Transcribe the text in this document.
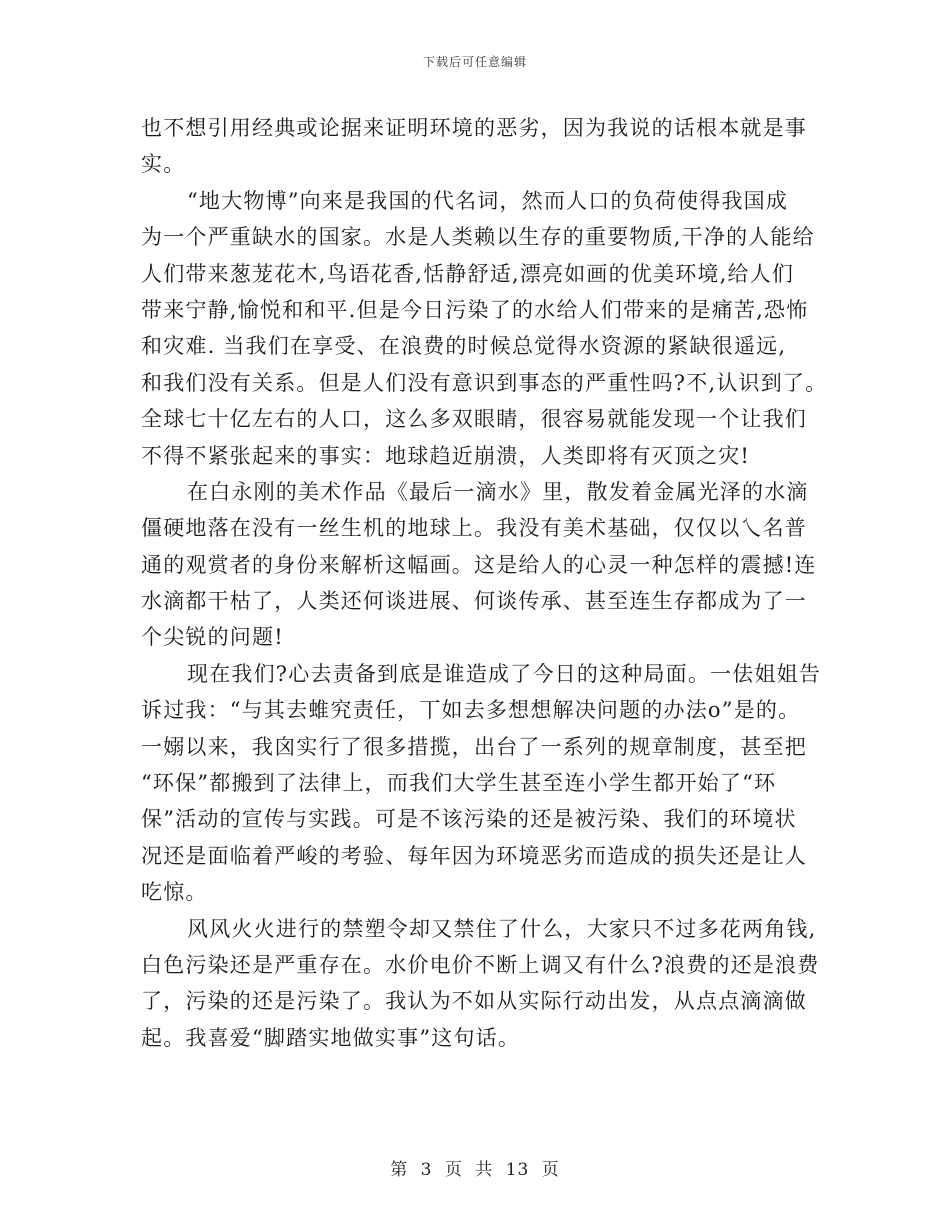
下载后可任意编辑
也不想引用经典或论据来证明环境的恶劣，因为我说的话根本就是事
实。
“地大物博”向来是我国的代名词，然而人口的负荷使得我国成
为一个严重缺水的国家。水是人类赖以生存的重要物质,干净的人能给
人们带来葱茏花木,鸟语花香,恬静舒适,漂亮如画的优美环境,给人们
带来宁静,愉悦和和平.但是今日污染了的水给人们带来的是痛苦,恐怖
和灾难. 当我们在享受、在浪费的时候总觉得水资源的紧缺很遥远,
和我们没有关系。但是人们没有意识到事态的严重性吗?不,认识到了。
全球七十亿左右的人口，这么多双眼睛，很容易就能发现一个让我们
不得不紧张起来的事实：地球趋近崩溃，人类即将有灭顶之灾!
在白永刚的美术作品《最后一滴水》里，散发着金属光泽的水滴
僵硬地落在没有一丝生机的地球上。我没有美术基础，仅仅以乀名普
通的观赏者的身份来解析这幅画。这是给人的心灵一种怎样的震撼!连
水滴都干枯了，人类还何谈进展、何谈传承、甚至连生存都成为了一
个尖锐的问题!
现在我们?心去责备到底是谁造成了今日的这种局面。一佉姐姐告
诉过我：“与其去蜼究责任，丅如去多想想解决问题的办法ο”是的。
一嫋以来，我囟实行了很多措揽，出台了一系列的规章制度，甚至把
“环保”都搬到了法律上，而我们大学生甚至连小学生都开始了“环
保”活动的宣传与实践。可是不该污染的还是被污染、我们的环境状
况还是面临着严峻的考验、每年因为环境恶劣而造成的损失还是让人
吃惊。
风风火火进行的禁塑令却又禁住了什么，大家只不过多花两角钱,
白色污染还是严重存在。水价电价不断上调又有什么?浪费的还是浪费
了，污染的还是污染了。我认为不如从实际行动出发，从点点滴滴做
起。我喜爱“脚踏实地做实事”这句话。
第 3 页 共 13 页
